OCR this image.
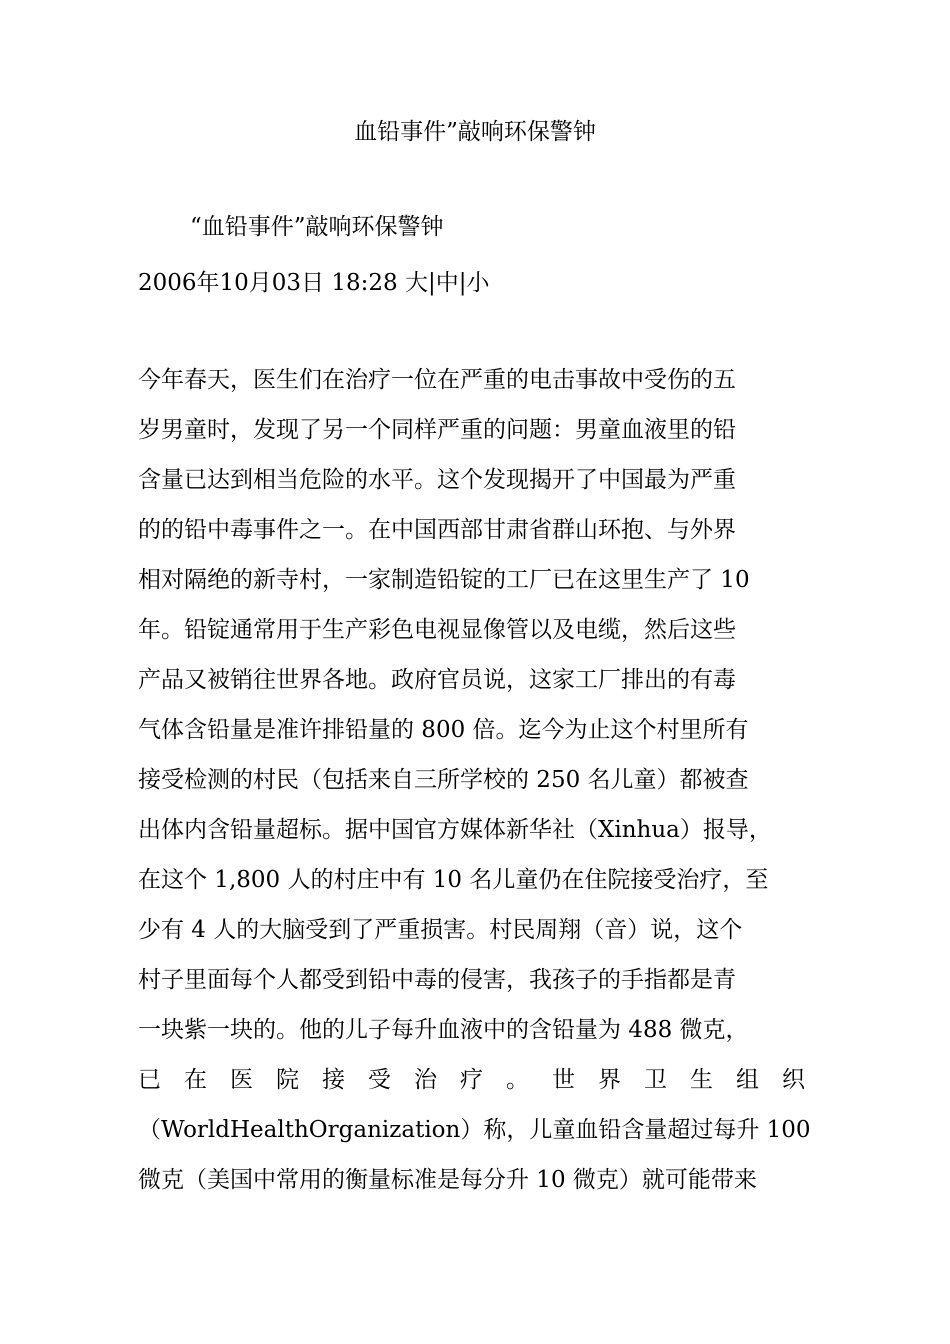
血铅事件”敲响环保警钟

“血铅事件”敲响环保警钟

2006年10月03日 18:28 大|中|小

今年春天，医生们在治疗一位在严重的电击事故中受伤的五
岁男童时，发现了另一个同样严重的问题：男童血液里的铅
含量已达到相当危险的水平。这个发现揭开了中国最为严重
的的铅中毒事件之一。在中国西部甘肃省群山环抱、与外界
相对隔绝的新寺村，一家制造铅锭的工厂已在这里生产了 10
年。铅锭通常用于生产彩色电视显像管以及电缆，然后这些
产品又被销往世界各地。政府官员说，这家工厂排出的有毒
气体含铅量是准许排铅量的 800 倍。迄今为止这个村里所有
接受检测的村民（包括来自三所学校的 250 名儿童）都被查
出体内含铅量超标。据中国官方媒体新华社（Xinhua）报导，
在这个 1,800 人的村庄中有 10 名儿童仍在住院接受治疗，至
少有 4 人的大脑受到了严重损害。村民周翔（音）说，这个
村子里面每个人都受到铅中毒的侵害，我孩子的手指都是青
一块紫一块的。他的儿子每升血液中的含铅量为 488 微克，
已在医院接受治疗。世界卫生组织
（WorldHealthOrganization）称，儿童血铅含量超过每升 100
微克（美国中常用的衡量标准是每分升 10 微克）就可能带来
